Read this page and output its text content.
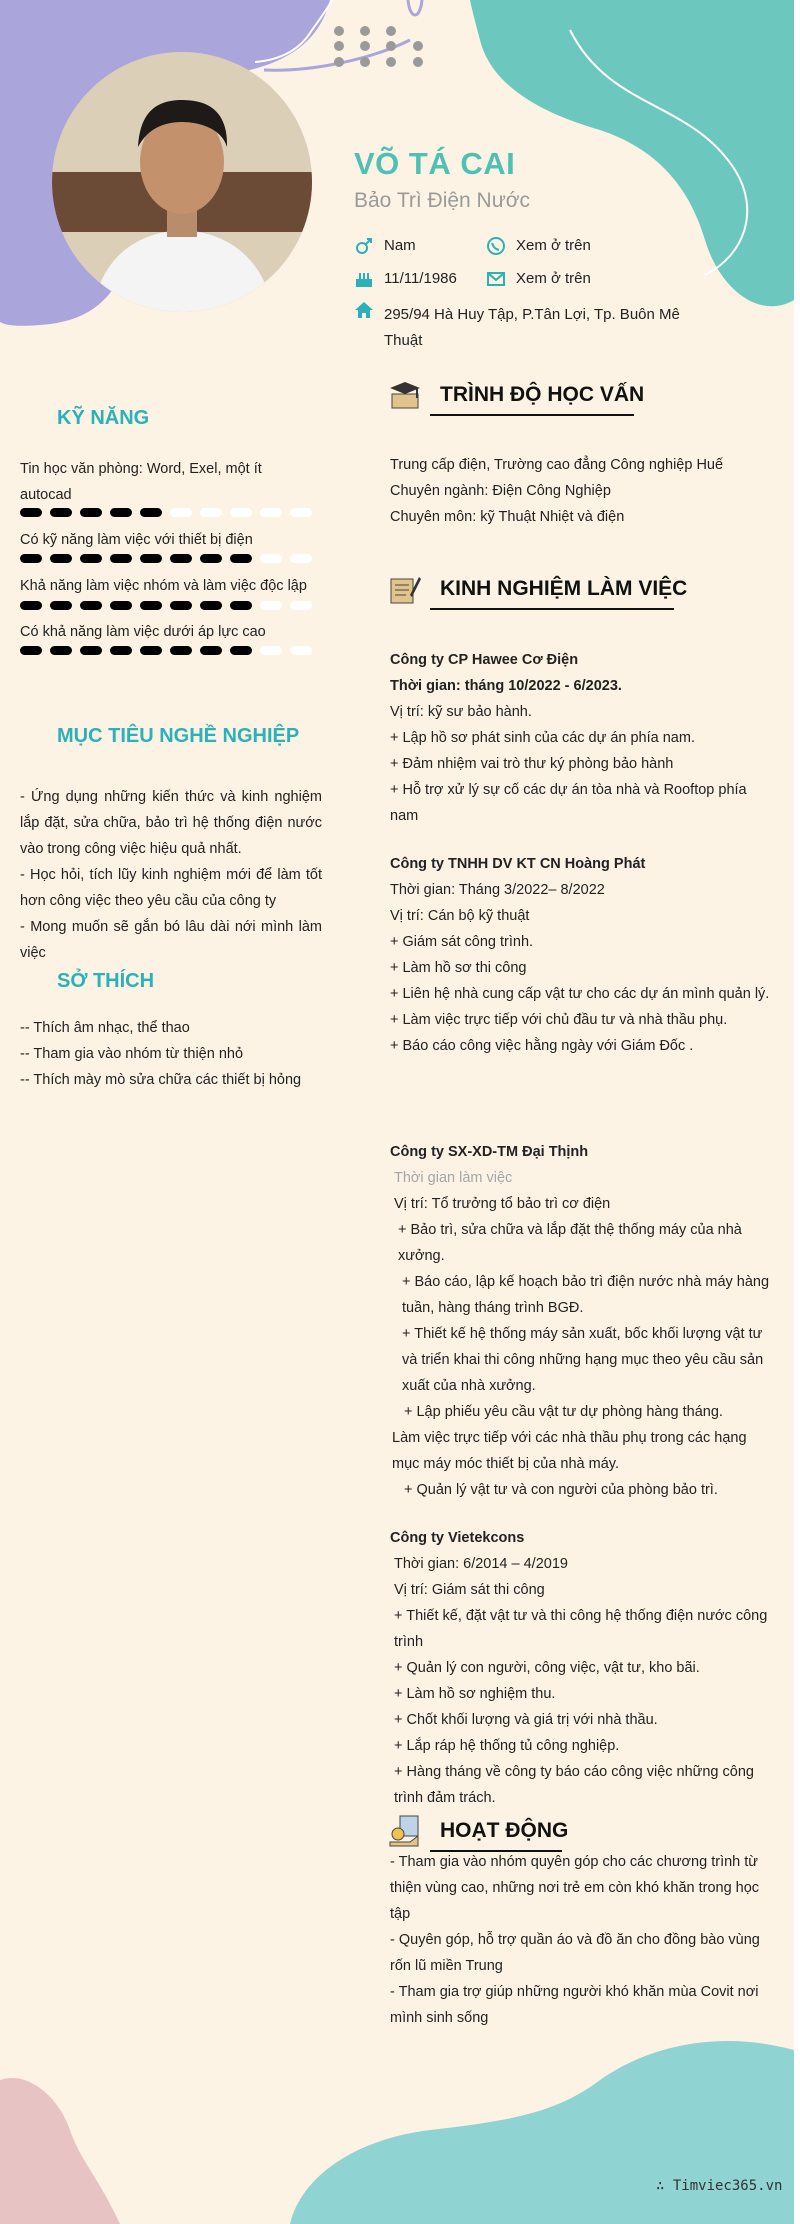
VÕ TÁ CAI
Bảo Trì Điện Nước
Nam	Xem ở trên
11/11/1986	Xem ở trên
295/94 Hà Huy Tập, P.Tân Lợi, Tp. Buôn Mê
Thuật
KỸ NĂNG

Tin học văn phòng: Word, Exel, một ít

autocad

Có kỹ năng làm việc với thiết bị điện

Khả năng làm việc nhóm và làm việc độc lập

Có khả năng làm việc dưới áp lực cao

MỤC TIÊU NGHỀ NGHIỆP

- Ứng dụng những kiến thức và kinh nghiệm lắp đặt, sửa chữa, bảo trì hệ thống điện nước vào trong công việc hiệu quả nhất.

- Học hỏi, tích lũy kinh nghiệm mới để làm tốt hơn công việc theo yêu cầu của công ty

- Mong muốn sẽ gắn bó lâu dài nới mình làm việc

SỞ THÍCH

-- Thích âm nhạc, thể thao

-- Tham gia vào nhóm từ thiện nhỏ

-- Thích mày mò sửa chữa các thiết bị hỏng

TRÌNH ĐỘ HỌC VẤN

Trung cấp điện, Trường cao đẳng Công nghiệp Huế

Chuyên ngành: Điện Công Nghiệp

Chuyên môn: kỹ Thuật Nhiệt và điện

KINH NGHIỆM LÀM VIỆC

Công ty CP Hawee Cơ Điện

Thời gian: tháng 10/2022 - 6/2023.

Vị trí: kỹ sư bảo hành.

+ Lập hồ sơ phát sinh của các dự án phía nam.

+ Đảm nhiệm vai trò thư ký phòng bảo hành

+ Hỗ trợ xử lý sự cố các dự án tòa nhà và Rooftop phía nam

Công ty TNHH DV KT CN Hoàng Phát

Thời gian: Tháng 3/2022– 8/2022

Vị trí: Cán bộ kỹ thuật

+ Giám sát công trình.

+ Làm hồ sơ thi công

+ Liên hệ nhà cung cấp vật tư cho các dự án mình quản lý.

+ Làm việc trực tiếp với chủ đầu tư và nhà thầu phụ.

+ Báo cáo công việc hằng ngày với Giám Đốc .

Công ty SX-XD-TM Đại Thịnh

Thời gian làm việc

Vị trí: Tổ trưởng tổ bảo trì cơ điện

+ Bảo trì, sửa chữa và lắp đặt thệ thống máy của nhà xưởng.

+ Báo cáo, lập kế hoạch bảo trì điện nước nhà máy hàng tuần, hàng tháng trình BGĐ.

+ Thiết kế hệ thống máy sản xuất, bốc khối lượng vật tư và triển khai thi công những hạng mục theo yêu cầu sản xuất của nhà xưởng.

+ Lập phiếu yêu cầu vật tư dự phòng hàng tháng.

Làm việc trực tiếp với các nhà thầu phụ trong các hạng mục máy móc thiết bị của nhà máy.

+ Quản lý vật tư và con người của phòng bảo trì.

Công ty Vietekcons

Thời gian: 6/2014 – 4/2019

Vị trí: Giám sát thi công

+ Thiết kế, đặt vật tư và thi công hệ thống điện nước công trình

+ Quản lý con người, công việc, vật tư, kho bãi.

+ Làm hồ sơ nghiệm thu.

+ Chốt khối lượng và giá trị với nhà thầu.

+ Lắp ráp hệ thống tủ công nghiệp.

+ Hàng tháng về công ty báo cáo công việc những công trình đảm trách.

HOẠT ĐỘNG

- Tham gia vào nhóm quyên góp cho các chương trình từ thiện vùng cao, những nơi trẻ em còn khó khăn trong học tập

- Quyên góp, hỗ trợ quần áo và đồ ăn cho đồng bào vùng rốn lũ miền Trung

- Tham gia trợ giúp những người khó khăn mùa Covit nơi mình sinh sống

∴ Timviec365.vn
